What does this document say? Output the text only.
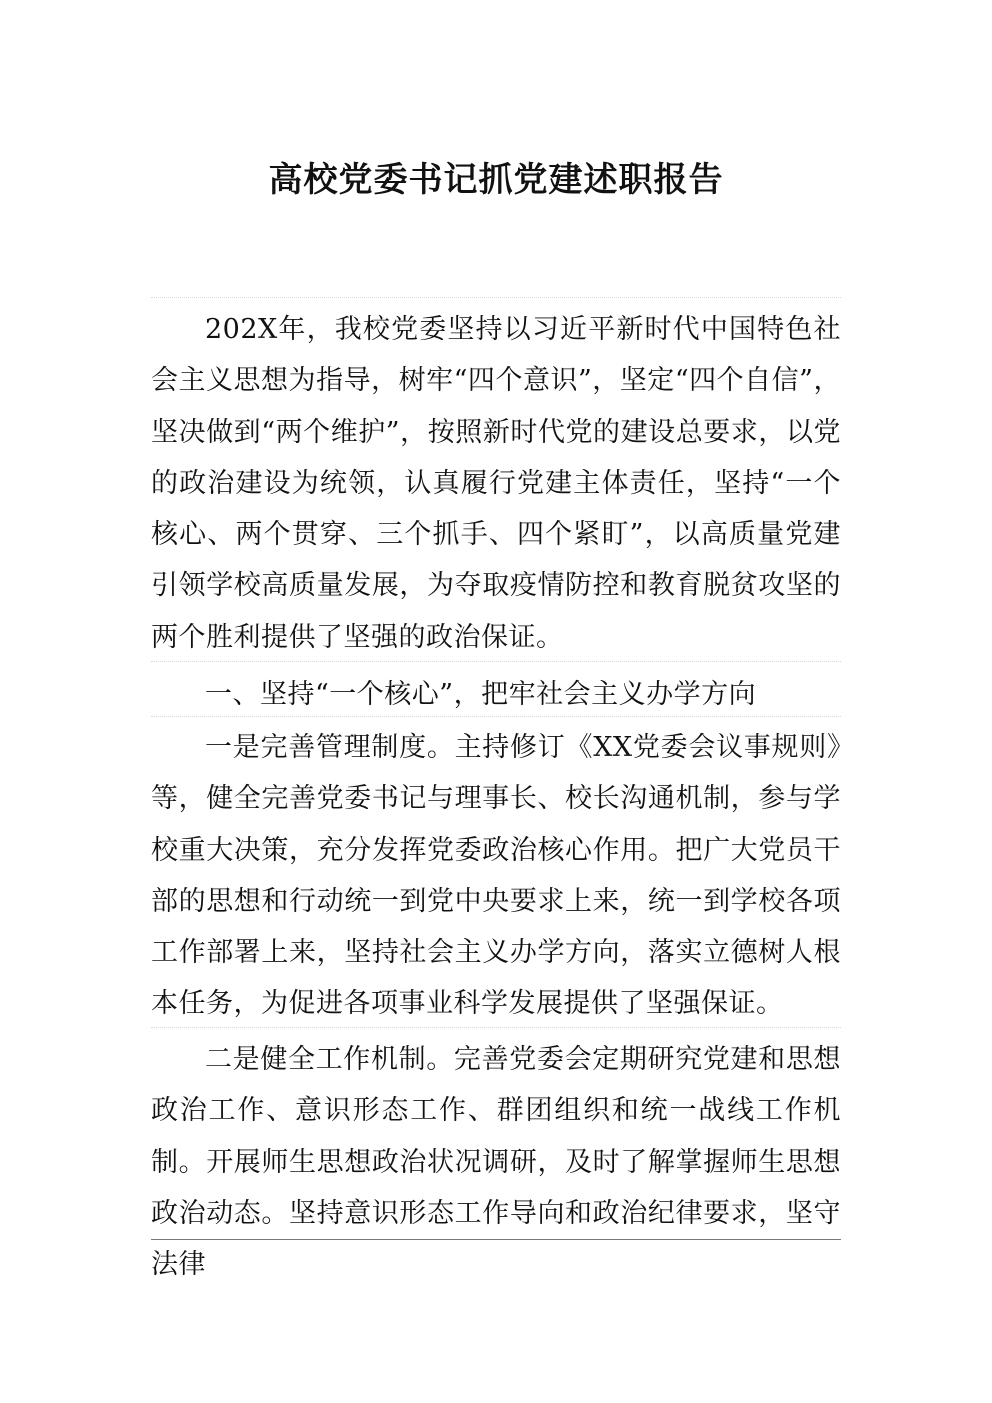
高校党委书记抓党建述职报告

202X年，我校党委坚持以习近平新时代中国特色社会主义思想为指导，树牢“四个意识”，坚定“四个自信”，坚决做到“两个维护”，按照新时代党的建设总要求，以党的政治建设为统领，认真履行党建主体责任，坚持“一个核心、两个贯穿、三个抓手、四个紧盯”，以高质量党建引领学校高质量发展，为夺取疫情防控和教育脱贫攻坚的两个胜利提供了坚强的政治保证。

一、坚持“一个核心”，把牢社会主义办学方向

一是完善管理制度。主持修订《XX党委会议事规则》等，健全完善党委书记与理事长、校长沟通机制，参与学校重大决策，充分发挥党委政治核心作用。把广大党员干部的思想和行动统一到党中央要求上来，统一到学校各项工作部署上来，坚持社会主义办学方向，落实立德树人根本任务，为促进各项事业科学发展提供了坚强保证。

二是健全工作机制。完善党委会定期研究党建和思想政治工作、意识形态工作、群团组织和统一战线工作机制。开展师生思想政治状况调研，及时了解掌握师生思想政治动态。坚持意识形态工作导向和政治纪律要求，坚守法律
